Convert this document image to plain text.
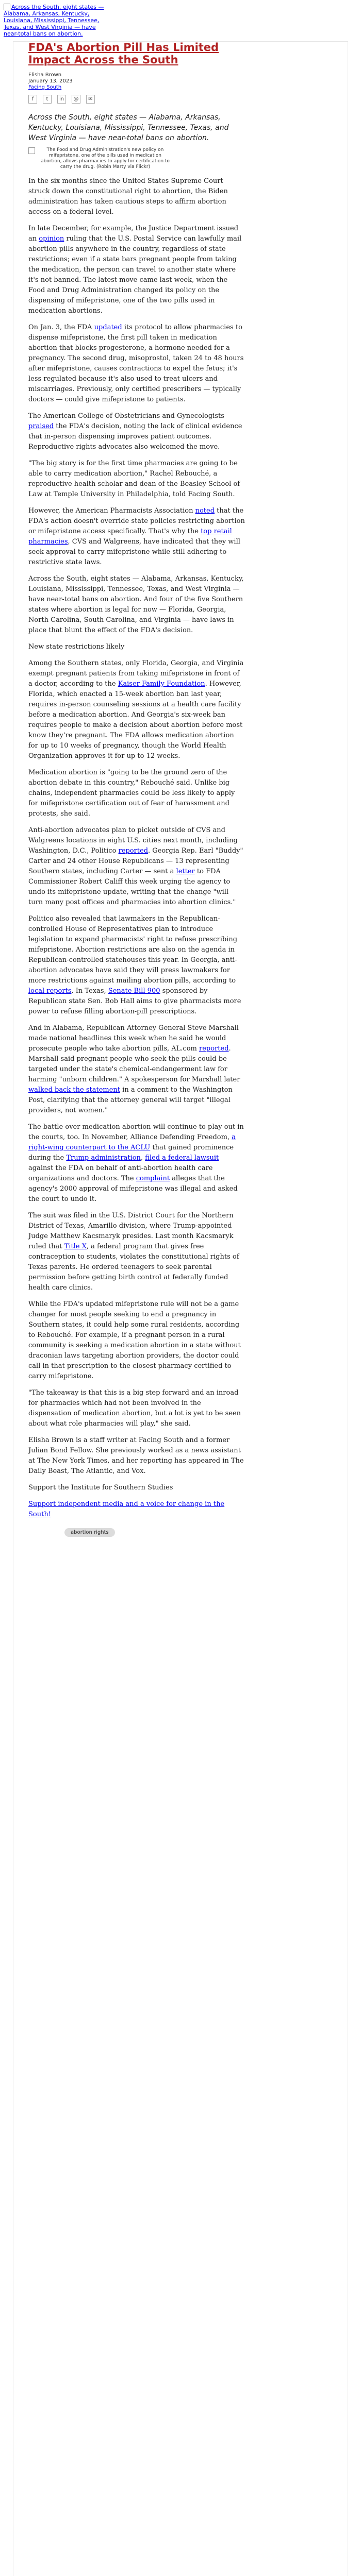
Across the South, eight states — Alabama, Arkansas, Kentucky, Louisiana, Mississippi, Tennessee, Texas, and West Virginia — have near-total bans on abortion.
FDA's Abortion Pill Has Limited Impact Across the South
Elisha Brown
January 13, 2023
Facing South
f	t	in	@	✉
Across the South, eight states — Alabama, Arkansas, Kentucky, Louisiana, Mississippi, Tennessee, Texas, and West Virginia — have near-total bans on abortion.
The Food and Drug Administration's new policy on mifepristone, one of the pills used in medication abortion, allows pharmacies to apply for certification to carry the drug. (Robin Marty via Flickr)

In the six months since the United States Supreme Court struck down the constitutional right to abortion, the Biden administration has taken cautious steps to affirm abortion access on a federal level.

In late December, for example, the Justice Department issued an opinion ruling that the U.S. Postal Service can lawfully mail abortion pills anywhere in the country, regardless of state restrictions; even if a state bars pregnant people from taking the medication, the person can travel to another state where it's not banned. The latest move came last week, when the Food and Drug Administration changed its policy on the dispensing of mifepristone, one of the two pills used in medication abortions.

On Jan. 3, the FDA updated its protocol to allow pharmacies to dispense mifepristone, the first pill taken in medication abortion that blocks progesterone, a hormone needed for a pregnancy. The second drug, misoprostol, taken 24 to 48 hours after mifepristone, causes contractions to expel the fetus; it's less regulated because it's also used to treat ulcers and miscarriages. Previously, only certified prescribers — typically doctors — could give mifepristone to patients.

The American College of Obstetricians and Gynecologists praised the FDA's decision, noting the lack of clinical evidence that in-person dispensing improves patient outcomes. Reproductive rights advocates also welcomed the move.

"The big story is for the first time pharmacies are going to be able to carry medication abortion," Rachel Rebouché, a reproductive health scholar and dean of the Beasley School of Law at Temple University in Philadelphia, told Facing South.

However, the American Pharmacists Association noted that the FDA's action doesn't override state policies restricting abortion or mifepristone access specifically. That's why the top retail pharmacies, CVS and Walgreens, have indicated that they will seek approval to carry mifepristone while still adhering to restrictive state laws.

Across the South, eight states — Alabama, Arkansas, Kentucky, Louisiana, Mississippi, Tennessee, Texas, and West Virginia — have near-total bans on abortion. And four of the five Southern states where abortion is legal for now — Florida, Georgia, North Carolina, South Carolina, and Virginia — have laws in place that blunt the effect of the FDA's decision.

New state restrictions likely

Among the Southern states, only Florida, Georgia, and Virginia exempt pregnant patients from taking mifepristone in front of a doctor, according to the Kaiser Family Foundation. However, Florida, which enacted a 15-week abortion ban last year, requires in-person counseling sessions at a health care facility before a medication abortion. And Georgia's six-week ban requires people to make a decision about abortion before most know they're pregnant. The FDA allows medication abortion for up to 10 weeks of pregnancy, though the World Health Organization approves it for up to 12 weeks.

Medication abortion is "going to be the ground zero of the abortion debate in this country," Rebouché said. Unlike big chains, independent pharmacies could be less likely to apply for mifepristone certification out of fear of harassment and protests, she said.

Anti-abortion advocates plan to picket outside of CVS and Walgreens locations in eight U.S. cities next month, including Washington, D.C., Politico reported. Georgia Rep. Earl "Buddy" Carter and 24 other House Republicans — 13 representing Southern states, including Carter — sent a letter to FDA Commissioner Robert Califf this week urging the agency to undo its mifepristone update, writing that the change "will turn many post offices and pharmacies into abortion clinics."

Politico also revealed that lawmakers in the Republican-controlled House of Representatives plan to introduce legislation to expand pharmacists' right to refuse prescribing mifepristone. Abortion restrictions are also on the agenda in Republican-controlled statehouses this year. In Georgia, anti-abortion advocates have said they will press lawmakers for more restrictions against mailing abortion pills, according to local reports. In Texas, Senate Bill 900 sponsored by Republican state Sen. Bob Hall aims to give pharmacists more power to refuse filling abortion-pill prescriptions.

And in Alabama, Republican Attorney General Steve Marshall made national headlines this week when he said he would prosecute people who take abortion pills, AL.com reported. Marshall said pregnant people who seek the pills could be targeted under the state's chemical-endangerment law for harming "unborn children." A spokesperson for Marshall later walked back the statement in a comment to the Washington Post, clarifying that the attorney general will target "illegal providers, not women."

The battle over medication abortion will continue to play out in the courts, too. In November, Alliance Defending Freedom, a right-wing counterpart to the ACLU that gained prominence during the Trump administration, filed a federal lawsuit against the FDA on behalf of anti-abortion health care organizations and doctors. The complaint alleges that the agency's 2000 approval of mifepristone was illegal and asked the court to undo it.

The suit was filed in the U.S. District Court for the Northern District of Texas, Amarillo division, where Trump-appointed Judge Matthew Kacsmaryk presides. Last month Kacsmaryk ruled that Title X, a federal program that gives free contraception to students, violates the constitutional rights of Texas parents. He ordered teenagers to seek parental permission before getting birth control at federally funded health care clinics.

While the FDA's updated mifepristone rule will not be a game changer for most people seeking to end a pregnancy in Southern states, it could help some rural residents, according to Rebouché. For example, if a pregnant person in a rural community is seeking a medication abortion in a state without draconian laws targeting abortion providers, the doctor could call in that prescription to the closest pharmacy certified to carry mifepristone.

"The takeaway is that this is a big step forward and an inroad for pharmacies which had not been involved in the dispensation of medication abortion, but a lot is yet to be seen about what role pharmacies will play," she said.

Elisha Brown is a staff writer at Facing South and a former Julian Bond Fellow. She previously worked as a news assistant at The New York Times, and her reporting has appeared in The Daily Beast, The Atlantic, and Vox.

Support the Institute for Southern Studies

Support independent media and a voice for change in the South!

abortion rights
